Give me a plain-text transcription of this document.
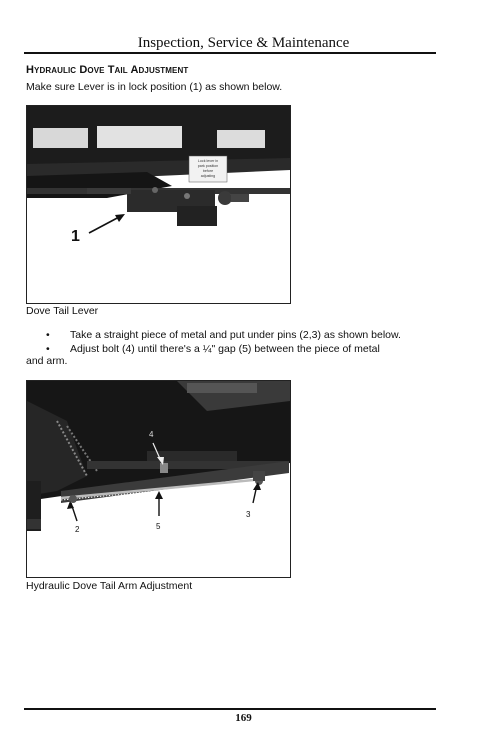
Inspection, Service & Maintenance
Hydraulic Dove Tail Adjustment
Make sure Lever is in lock position (1) as shown below.
Lock lever in
park position
before
adjusting
1
Dove Tail Lever
•	Take a straight piece of metal and put under pins (2,3) as shown below.
•	Adjust bolt (4) until there's a ¼" gap (5) between the piece of metal
and arm.
4
2	5
3
Hydraulic Dove Tail Arm Adjustment
169
